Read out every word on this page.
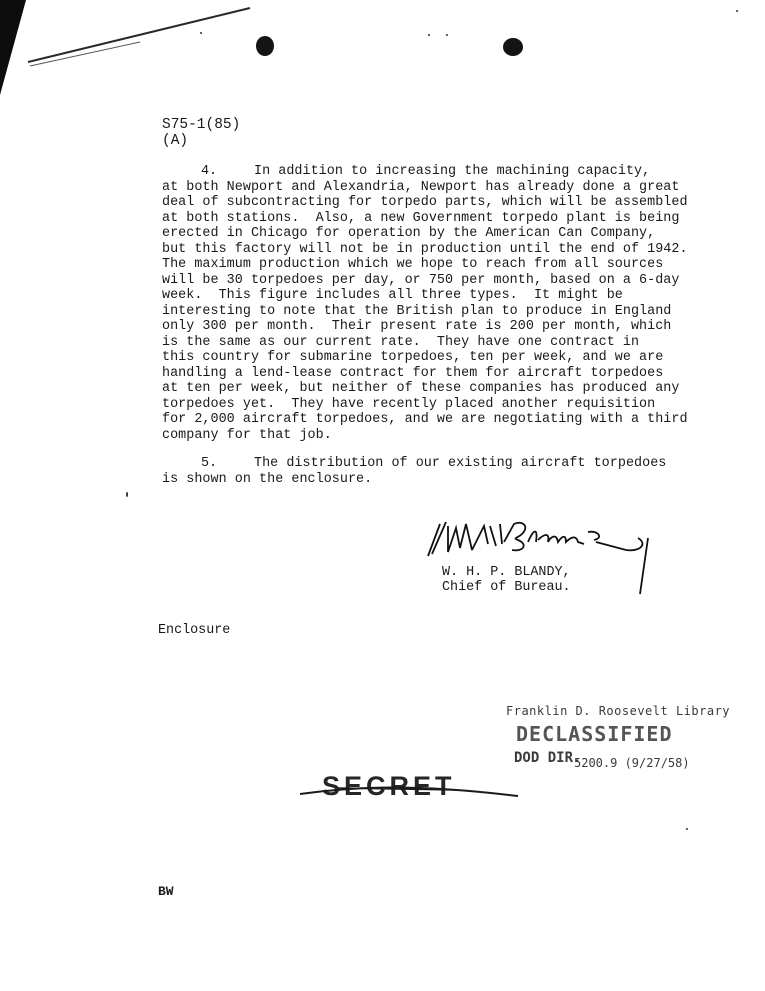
S75-1(85)
(A)
4.	In addition to increasing the machining capacity,
at both Newport and Alexandria, Newport has already done a great
deal of subcontracting for torpedo parts, which will be assembled
at both stations.  Also, a new Government torpedo plant is being
erected in Chicago for operation by the American Can Company,
but this factory will not be in production until the end of 1942.
The maximum production which we hope to reach from all sources
will be 30 torpedoes per day, or 750 per month, based on a 6-day
week.  This figure includes all three types.  It might be
interesting to note that the British plan to produce in England
only 300 per month.  Their present rate is 200 per month, which
is the same as our current rate.  They have one contract in
this country for submarine torpedoes, ten per week, and we are
handling a lend-lease contract for them for aircraft torpedoes
at ten per week, but neither of these companies has produced any
torpedoes yet.  They have recently placed another requisition
for 2,000 aircraft torpedoes, and we are negotiating with a third
company for that job.
5.	The distribution of our existing aircraft torpedoes
is shown on the enclosure.
W. H. P. BLANDY,
Chief of Bureau.
Enclosure
Franklin D. Roosevelt Library
DECLASSIFIED
DOD DIR.
5200.9 (9/27/58)
SECRET
BW
